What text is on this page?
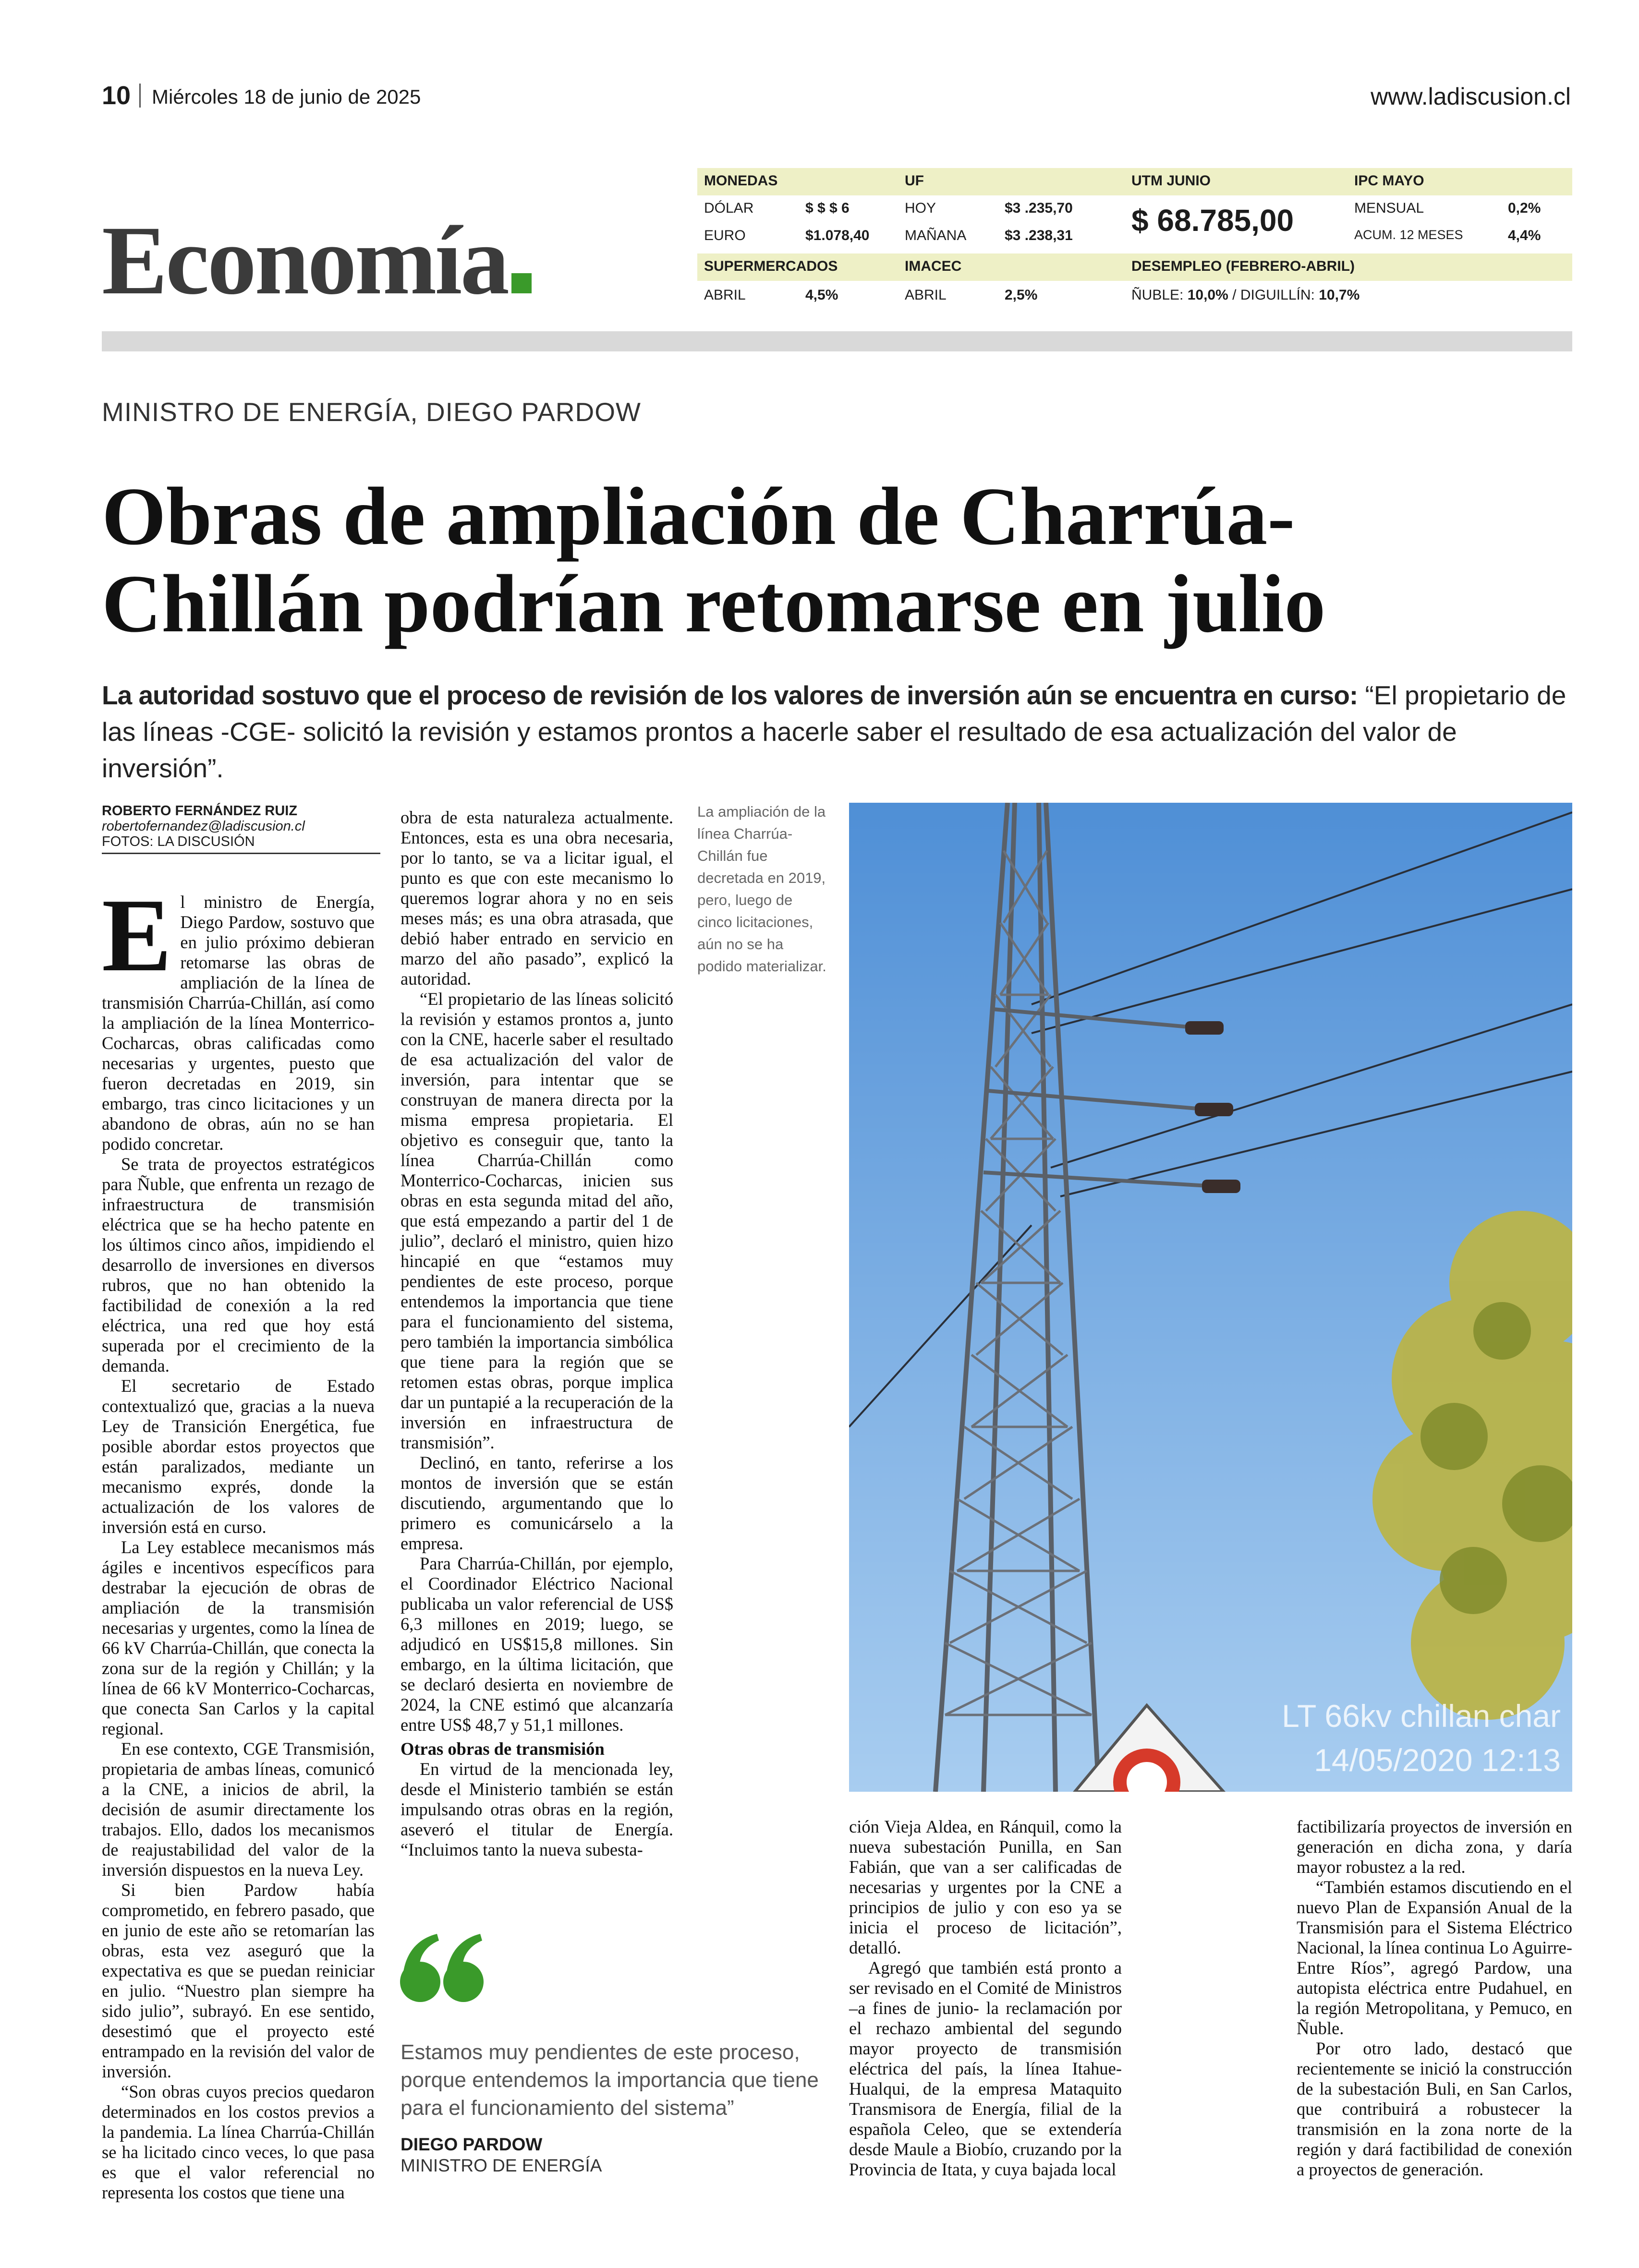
10 Miércoles 18 de junio de 2025	www.ladiscusion.cl
Economía
MONEDAS	UF	UTM JUNIO	IPC MAYO
DÓLAR	$ $ $ 6	HOY	$3 .235,70	MENSUAL	0,2%
EURO	$1.078,40 MAÑANA	$3 .238,31	ACUM. 12 MESES	4,4%
$ 68.785,00
SUPERMERCADOS	IMACEC	DESEMPLEO (FEBRERO-ABRIL)
ABRIL	4,5%	ABRIL	2,5%	ÑUBLE: 10,0% / DIGUILLÍN: 10,7%
MINISTRO DE ENERGÍA, DIEGO PARDOW
Obras de ampliación de Charrúa-
Chillán podrían retomarse en julio
La autoridad sostuvo que el proceso de revisión de los valores de inversión aún se encuentra en curso: “El propietario de las líneas -CGE- solicitó la revisión y estamos prontos a hacerle saber el resultado de esa actualización del valor de inversión”.
ROBERTO FERNÁNDEZ RUIZ
robertofernandez@ladiscusion.cl
FOTOS: LA DISCUSIÓN

El ministro de Energía, Diego Pardow, sostuvo que en julio próximo debieran retomarse las obras de ampliación de la línea de transmisión Charrúa-Chillán, así como la ampliación de la línea Monterrico-Cocharcas, obras calificadas como necesarias y urgentes, puesto que fueron decretadas en 2019, sin embargo, tras cinco licitaciones y un abandono de obras, aún no se han podido concretar.

Se trata de proyectos estratégicos para Ñuble, que enfrenta un rezago de infraestructura de transmisión eléctrica que se ha hecho patente en los últimos cinco años, impidiendo el desarrollo de inversiones en diversos rubros, que no han obtenido la factibilidad de conexión a la red eléctrica, una red que hoy está superada por el crecimiento de la demanda.

El secretario de Estado contextualizó que, gracias a la nueva Ley de Transición Energética, fue posible abordar estos proyectos que están paralizados, mediante un mecanismo exprés, donde la actualización de los valores de inversión está en curso.

La Ley establece mecanismos más ágiles e incentivos específicos para destrabar la ejecución de obras de ampliación de la transmisión necesarias y urgentes, como la línea de 66 kV Charrúa-Chillán, que conecta la zona sur de la región y Chillán; y la línea de 66 kV Monterrico-Cocharcas, que conecta San Carlos y la capital regional.

En ese contexto, CGE Transmisión, propietaria de ambas líneas, comunicó a la CNE, a inicios de abril, la decisión de asumir directamente los trabajos. Ello, dados los mecanismos de reajustabilidad del valor de la inversión dispuestos en la nueva Ley.

Si bien Pardow había comprometido, en febrero pasado, que en junio de este año se retomarían las obras, esta vez aseguró que la expectativa es que se puedan reiniciar en julio. “Nuestro plan siempre ha sido julio”, subrayó. En ese sentido, desestimó que el proyecto esté entrampado en la revisión del valor de inversión.

“Son obras cuyos precios quedaron determinados en los costos previos a la pandemia. La línea Charrúa-Chillán se ha licitado cinco veces, lo que pasa es que el valor referencial no representa los costos que tiene una

obra de esta naturaleza actualmente. Entonces, esta es una obra necesaria, por lo tanto, se va a licitar igual, el punto es que con este mecanismo lo queremos lograr ahora y no en seis meses más; es una obra atrasada, que debió haber entrado en servicio en marzo del año pasado”, explicó la autoridad.

“El propietario de las líneas solicitó la revisión y estamos prontos a, junto con la CNE, hacerle saber el resultado de esa actualización del valor de inversión, para intentar que se construyan de manera directa por la misma empresa propietaria. El objetivo es conseguir que, tanto la línea Charrúa-Chillán como Monterrico-Cocharcas, inicien sus obras en esta segunda mitad del año, que está empezando a partir del 1 de julio”, declaró el ministro, quien hizo hincapié en que “estamos muy pendientes de este proceso, porque entendemos la importancia que tiene para el funcionamiento del sistema, pero también la importancia simbólica que tiene para la región que se retomen estas obras, porque implica dar un puntapié a la recuperación de la inversión en infraestructura de transmisión”.

Declinó, en tanto, referirse a los montos de inversión que se están discutiendo, argumentando que lo primero es comunicárselo a la empresa.

Para Charrúa-Chillán, por ejemplo, el Coordinador Eléctrico Nacional publicaba un valor referencial de US$ 6,3 millones en 2019; luego, se adjudicó en US$15,8 millones. Sin embargo, en la última licitación, que se declaró desierta en noviembre de 2024, la CNE estimó que alcanzaría entre US$ 48,7 y 51,1 millones.

Otras obras de transmisión

En virtud de la mencionada ley, desde el Ministerio también se están impulsando otras obras en la región, aseveró el titular de Energía. “Incluimos tanto la nueva subesta-

La ampliación de la línea Charrúa-Chillán fue decretada en 2019, pero, luego de cinco licitaciones, aún no se ha podido materializar.
LT 66kv chillan char
14/05/2020 12:13

ción Vieja Aldea, en Ránquil, como la nueva subestación Punilla, en San Fabián, que van a ser calificadas de necesarias y urgentes por la CNE a principios de julio y con eso ya se inicia el proceso de licitación”, detalló.

Agregó que también está pronto a ser revisado en el Comité de Ministros –a fines de junio- la reclamación por el rechazo ambiental del segundo mayor proyecto de transmisión eléctrica del país, la línea Itahue-Hualqui, de la empresa Mataquito Transmisora de Energía, filial de la española Celeo, que se extendería desde Maule a Biobío, cruzando por la Provincia de Itata, y cuya bajada local

factibilizaría proyectos de inversión en generación en dicha zona, y daría mayor robustez a la red.

“También estamos discutiendo en el nuevo Plan de Expansión Anual de la Transmisión para el Sistema Eléctrico Nacional, la línea continua Lo Aguirre-Entre Ríos”, agregó Pardow, una autopista eléctrica entre Pudahuel, en la región Metropolitana, y Pemuco, en Ñuble.

Por otro lado, destacó que recientemente se inició la construcción de la subestación Buli, en San Carlos, que contribuirá a robustecer la transmisión en la zona norte de la región y dará factibilidad de conexión a proyectos de generación.

Estamos muy pendientes de este proceso, porque entendemos la importancia que tiene para el funcionamiento del sistema”
DIEGO PARDOW
MINISTRO DE ENERGÍA
